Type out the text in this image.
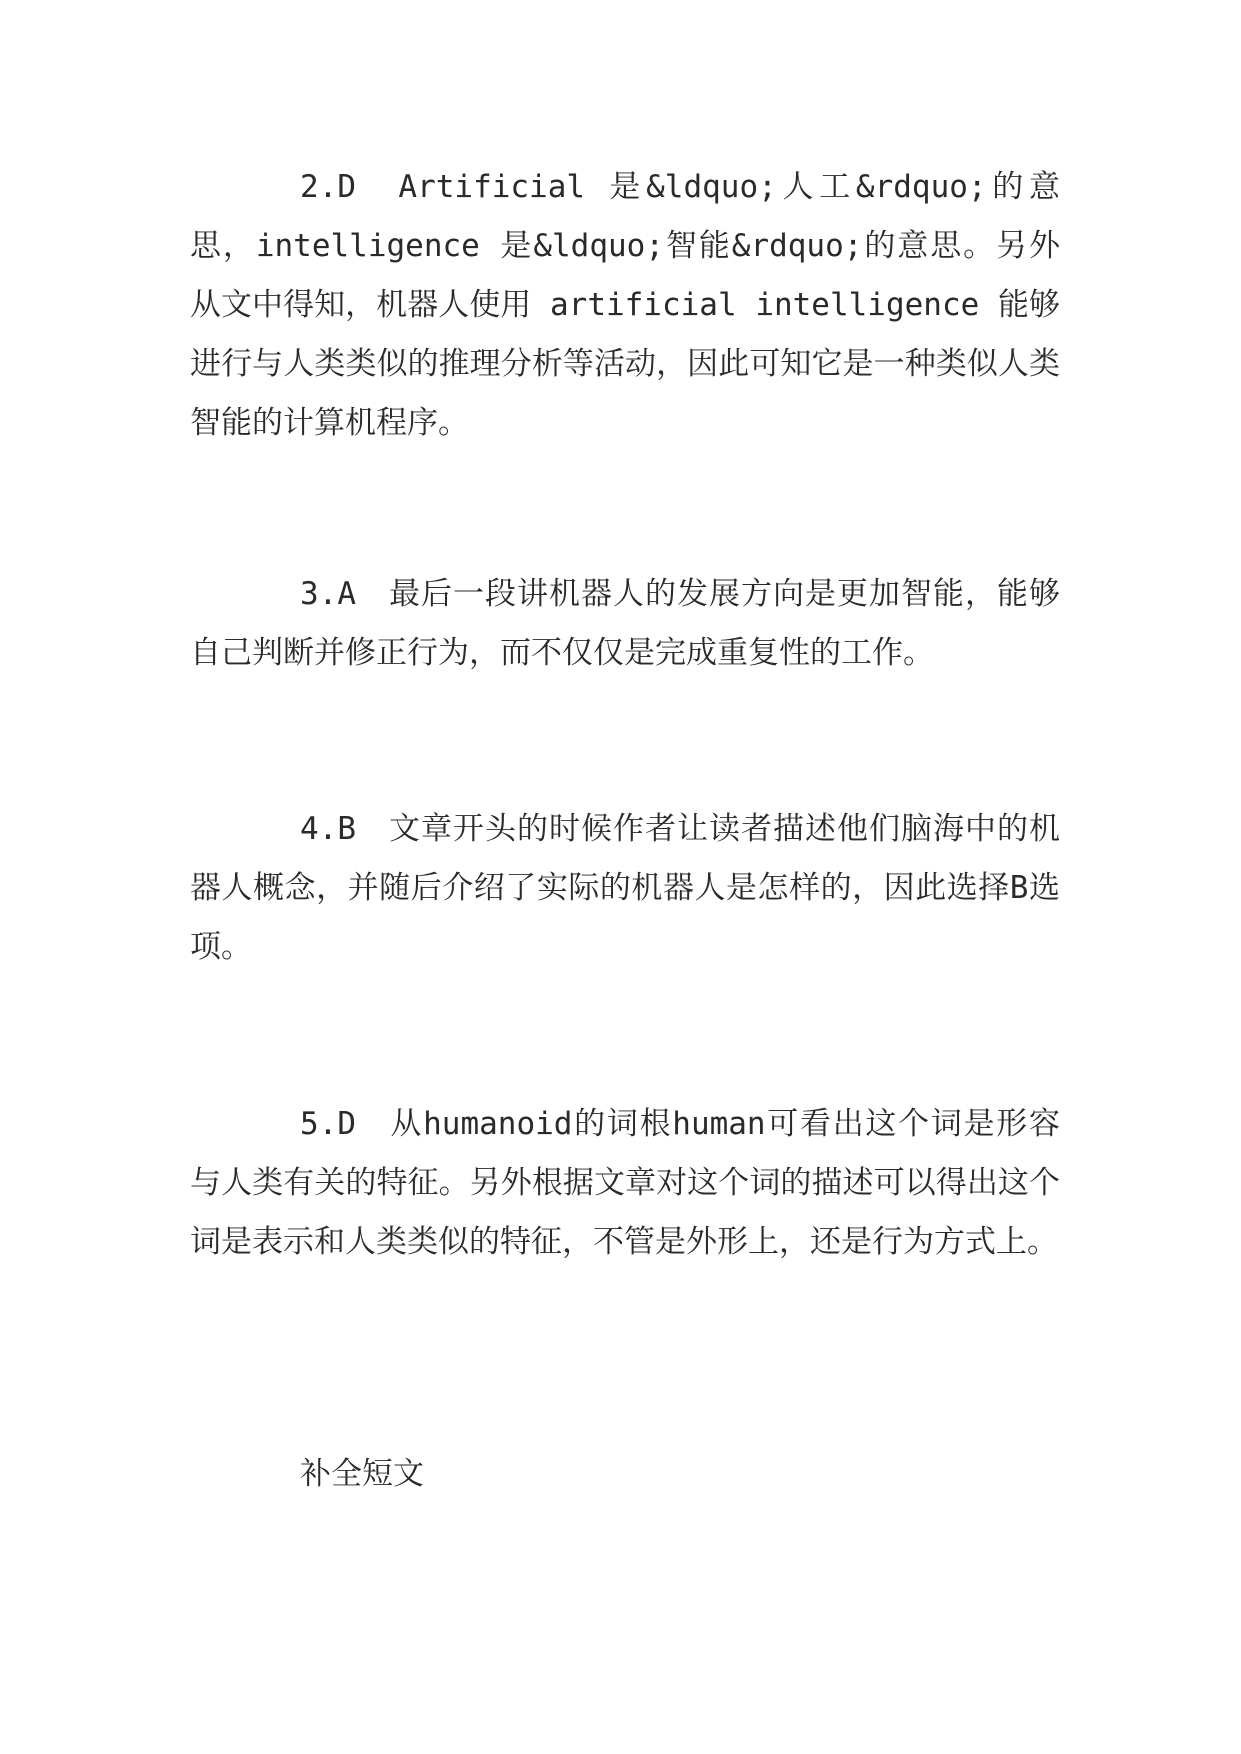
2.D　Artificial 是&ldquo;人工&rdquo;的意思，intelligence 是&ldquo;智能&rdquo;的意思。另外从文中得知，机器人使用 artificial intelligence 能够进行与人类类似的推理分析等活动，因此可知它是一种类似人类智能的计算机程序。

3.A　最后一段讲机器人的发展方向是更加智能，能够自己判断并修正行为，而不仅仅是完成重复性的工作。

4.B　文章开头的时候作者让读者描述他们脑海中的机器人概念，并随后介绍了实际的机器人是怎样的，因此选择B选项。

5.D　从humanoid的词根human可看出这个词是形容与人类有关的特征。另外根据文章对这个词的描述可以得出这个词是表示和人类类似的特征，不管是外形上，还是行为方式上。

补全短文
